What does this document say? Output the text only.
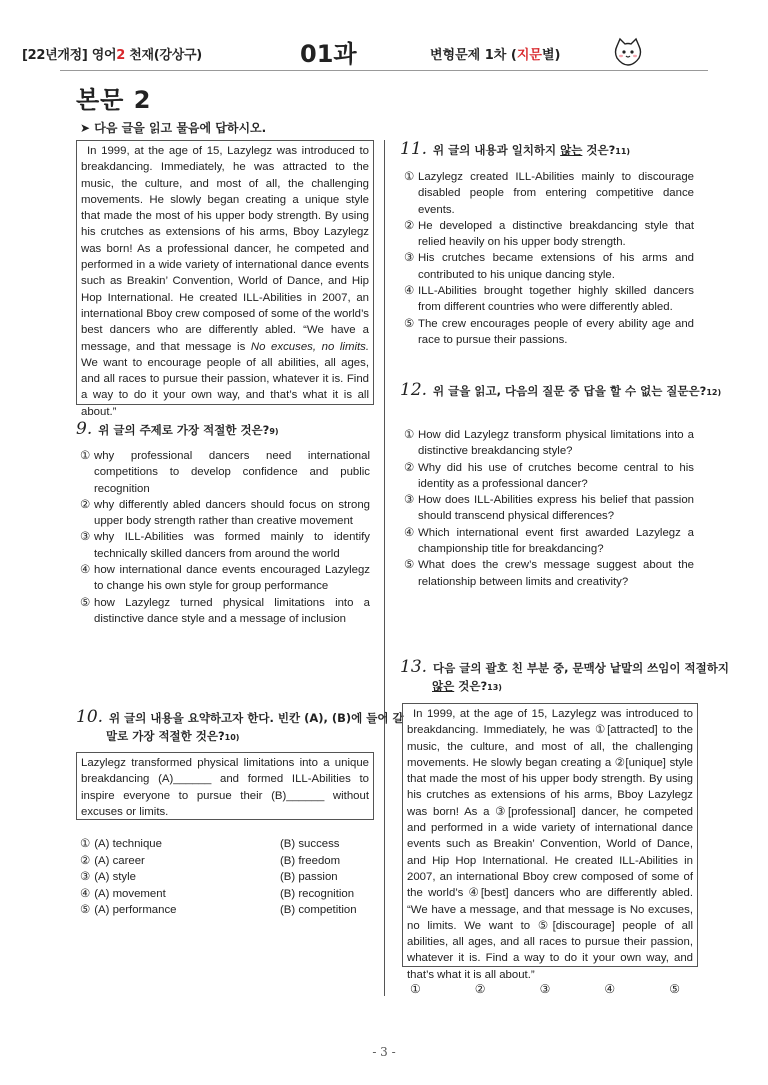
[22년개정] 영어2 천재(강상구)	01과	변형문제 1차 (지문별)
본문 2
➤ 다음 글을 읽고 물음에 답하시오.
In 1999, at the age of 15, Lazylegz was introduced to breakdancing. Immediately, he was attracted to the music, the culture, and most of all, the challenging movements. He slowly began creating a unique style that made the most of his upper body strength. By using his crutches as extensions of his arms, Bboy Lazylegz was born! As a professional dancer, he competed and performed in a wide variety of international dance events such as Breakin’ Convention, World of Dance, and Hip Hop International. He created ILL-Abilities in 2007, an international Bboy crew composed of some of the world’s best dancers who are differently abled. “We have a message, and that message is No excuses, no limits. We want to encourage people of all abilities, all ages, and all races to pursue their passion, whatever it is. Find a way to do it your own way, and that’s what it is all about.”
9. 위 글의 주제로 가장 적절한 것은?9)

① why professional dancers need international competitions to develop confidence and public recognition

② why differently abled dancers should focus on strong upper body strength rather than creative movement

③ why ILL-Abilities was formed mainly to identify technically skilled dancers from around the world

④ how international dance events encouraged Lazylegz to change his own style for group performance

⑤ how Lazylegz turned physical limitations into a distinctive dance style and a message of inclusion

10. 위 글의 내용을 요약하고자 한다. 빈칸 (A), (B)에 들어 갈 말로 가장 적절한 것은?10)
Lazylegz transformed physical limitations into a unique breakdancing (A)______ and formed ILL-Abilities to inspire everyone to pursue their (B)______ without excuses or limits.
① (A) technique	(B) success
② (A) career	(B) freedom
③ (A) style	(B) passion
④ (A) movement	(B) recognition
⑤ (A) performance	(B) competition
11. 위 글의 내용과 일치하지 않는 것은?11)

① Lazylegz created ILL-Abilities mainly to discourage disabled people from entering competitive dance events.

② He developed a distinctive breakdancing style that relied heavily on his upper body strength.

③ His crutches became extensions of his arms and contributed to his unique dancing style.

④ ILL-Abilities brought together highly skilled dancers from different countries who were differently abled.

⑤ The crew encourages people of every ability age and race to pursue their passions.

12. 위 글을 읽고, 다음의 질문 중 답을 할 수 없는 질문은?12)

① How did Lazylegz transform physical limitations into a distinctive breakdancing style?

② Why did his use of crutches become central to his identity as a professional dancer?

③ How does ILL-Abilities express his belief that passion should transcend physical differences?

④ Which international event first awarded Lazylegz a championship title for breakdancing?

⑤ What does the crew’s message suggest about the relationship between limits and creativity?

13. 다음 글의 괄호 친 부분 중, 문맥상 낱말의 쓰임이 적절하지 않은 것은?13)
In 1999, at the age of 15, Lazylegz was introduced to breakdancing. Immediately, he was ①[attracted] to the music, the culture, and most of all, the challenging movements. He slowly began creating a ②[unique] style that made the most of his upper body strength. By using his crutches as extensions of his arms, Bboy Lazylegz was born! As a ③[professional] dancer, he competed and performed in a wide variety of international dance events such as Breakin’ Convention, World of Dance, and Hip Hop International. He created ILL-Abilities in 2007, an international Bboy crew composed of some of the world’s ④[best] dancers who are differently abled. “We have a message, and that message is No excuses, no limits. We want to ⑤[discourage] people of all abilities, all ages, and all races to pursue their passion, whatever it is. Find a way to do it your own way, and that’s what it is all about.”
①	②	③	④	⑤
- 3 -
